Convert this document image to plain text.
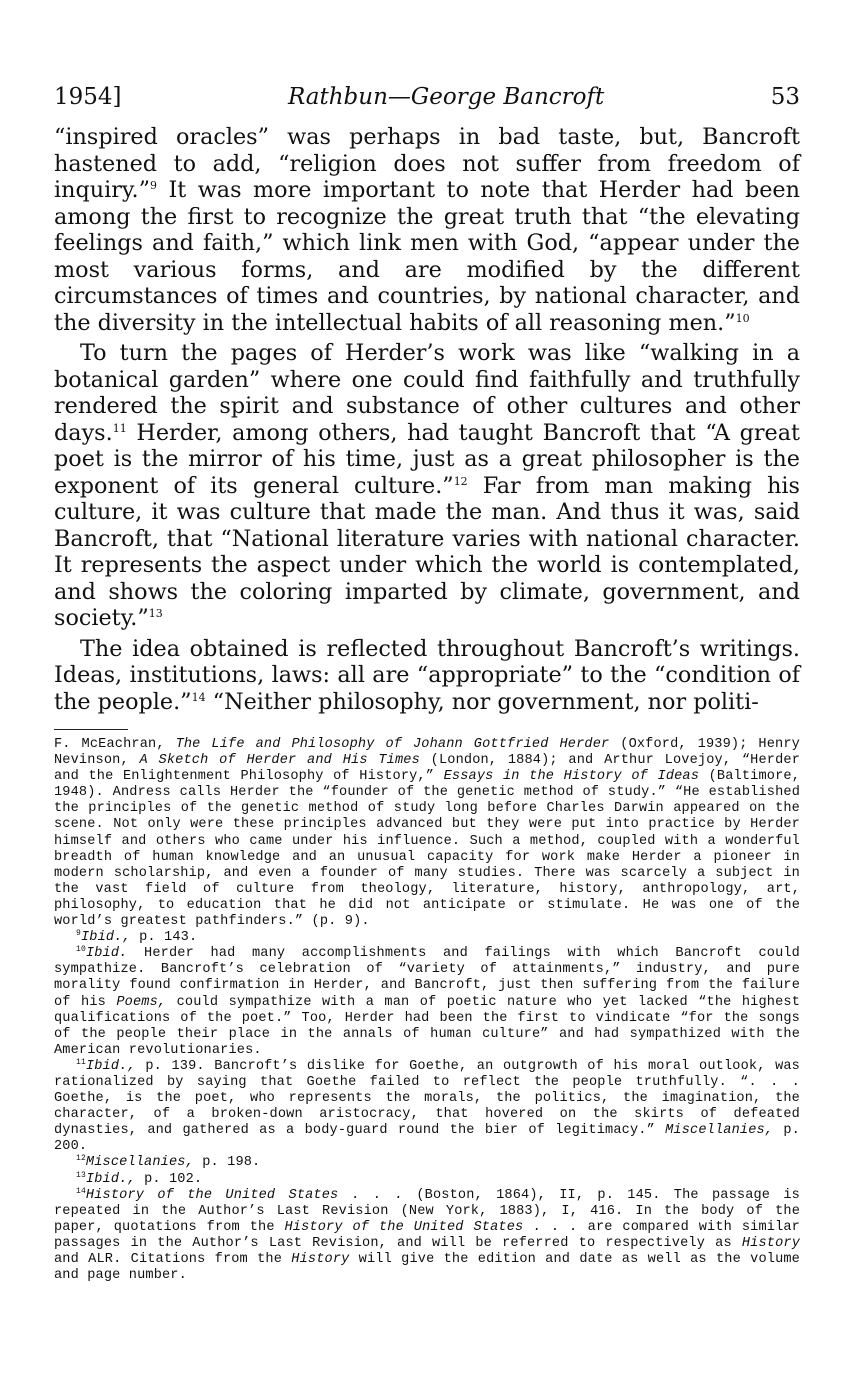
1954]	Rathbun—George Bancroft	53

“inspired oracles” was perhaps in bad taste, but, Bancroft hastened to add, “religion does not suffer from freedom of inquiry.”$^9$ It was more important to note that Herder had been among the first to recognize the great truth that “the elevating feelings and faith,” which link men with God, “appear under the most various forms, and are modified by the different circumstances of times and countries, by national character, and the diversity in the intellectual habits of all reasoning men.”$^{10}$

To turn the pages of Herder’s work was like “walking in a botanical garden” where one could find faithfully and truthfully rendered the spirit and substance of other cultures and other days.$^{11}$ Herder, among others, had taught Bancroft that “A great poet is the mirror of his time, just as a great philosopher is the exponent of its general culture.”$^{12}$ Far from man making his culture, it was culture that made the man. And thus it was, said Bancroft, that “National literature varies with national character. It represents the aspect under which the world is contemplated, and shows the coloring imparted by climate, government, and society.”$^{13}$

The idea obtained is reflected throughout Bancroft’s writings. Ideas, institutions, laws: all are “appropriate” to the “condition of the people.”$^{14}$ “Neither philosophy, nor government, nor politi-

F. McEachran, The Life and Philosophy of Johann Gottfried Herder (Oxford, 1939); Henry Nevinson, A Sketch of Herder and His Times (London, 1884); and Arthur Lovejoy, “Herder and the Enlightenment Philosophy of History,” Essays in the History of Ideas (Baltimore, 1948). Andress calls Herder the “founder of the genetic method of study.” “He established the principles of the genetic method of study long before Charles Darwin appeared on the scene. Not only were these principles advanced but they were put into practice by Herder himself and others who came under his influence. Such a method, coupled with a wonderful breadth of human knowledge and an unusual capacity for work make Herder a pioneer in modern scholarship, and even a founder of many studies. There was scarcely a subject in the vast field of culture from theology, literature, history, anthropology, art, philosophy, to education that he did not anticipate or stimulate. He was one of the world’s greatest pathfinders.” (p. 9).

$^9$Ibid., p. 143.

$^{10}$Ibid. Herder had many accomplishments and failings with which Bancroft could sympathize. Bancroft’s celebration of “variety of attainments,” industry, and pure morality found confirmation in Herder, and Bancroft, just then suffering from the failure of his Poems, could sympathize with a man of poetic nature who yet lacked “the highest qualifications of the poet.” Too, Herder had been the first to vindicate “for the songs of the people their place in the annals of human culture” and had sympathized with the American revolutionaries.

$^{11}$Ibid., p. 139. Bancroft’s dislike for Goethe, an outgrowth of his moral outlook, was rationalized by saying that Goethe failed to reflect the people truthfully. “. . . Goethe, is the poet, who represents the morals, the politics, the imagination, the character, of a broken-down aristocracy, that hovered on the skirts of defeated dynasties, and gathered as a body-guard round the bier of legitimacy.” Miscellanies, p. 200.

$^{12}$Miscellanies, p. 198.

$^{13}$Ibid., p. 102.

$^{14}$History of the United States . . . (Boston, 1864), II, p. 145. The passage is repeated in the Author’s Last Revision (New York, 1883), I, 416. In the body of the paper, quotations from the History of the United States . . . are compared with similar passages in the Author’s Last Revision, and will be referred to respectively as History and ALR. Citations from the History will give the edition and date as well as the volume and page number.
